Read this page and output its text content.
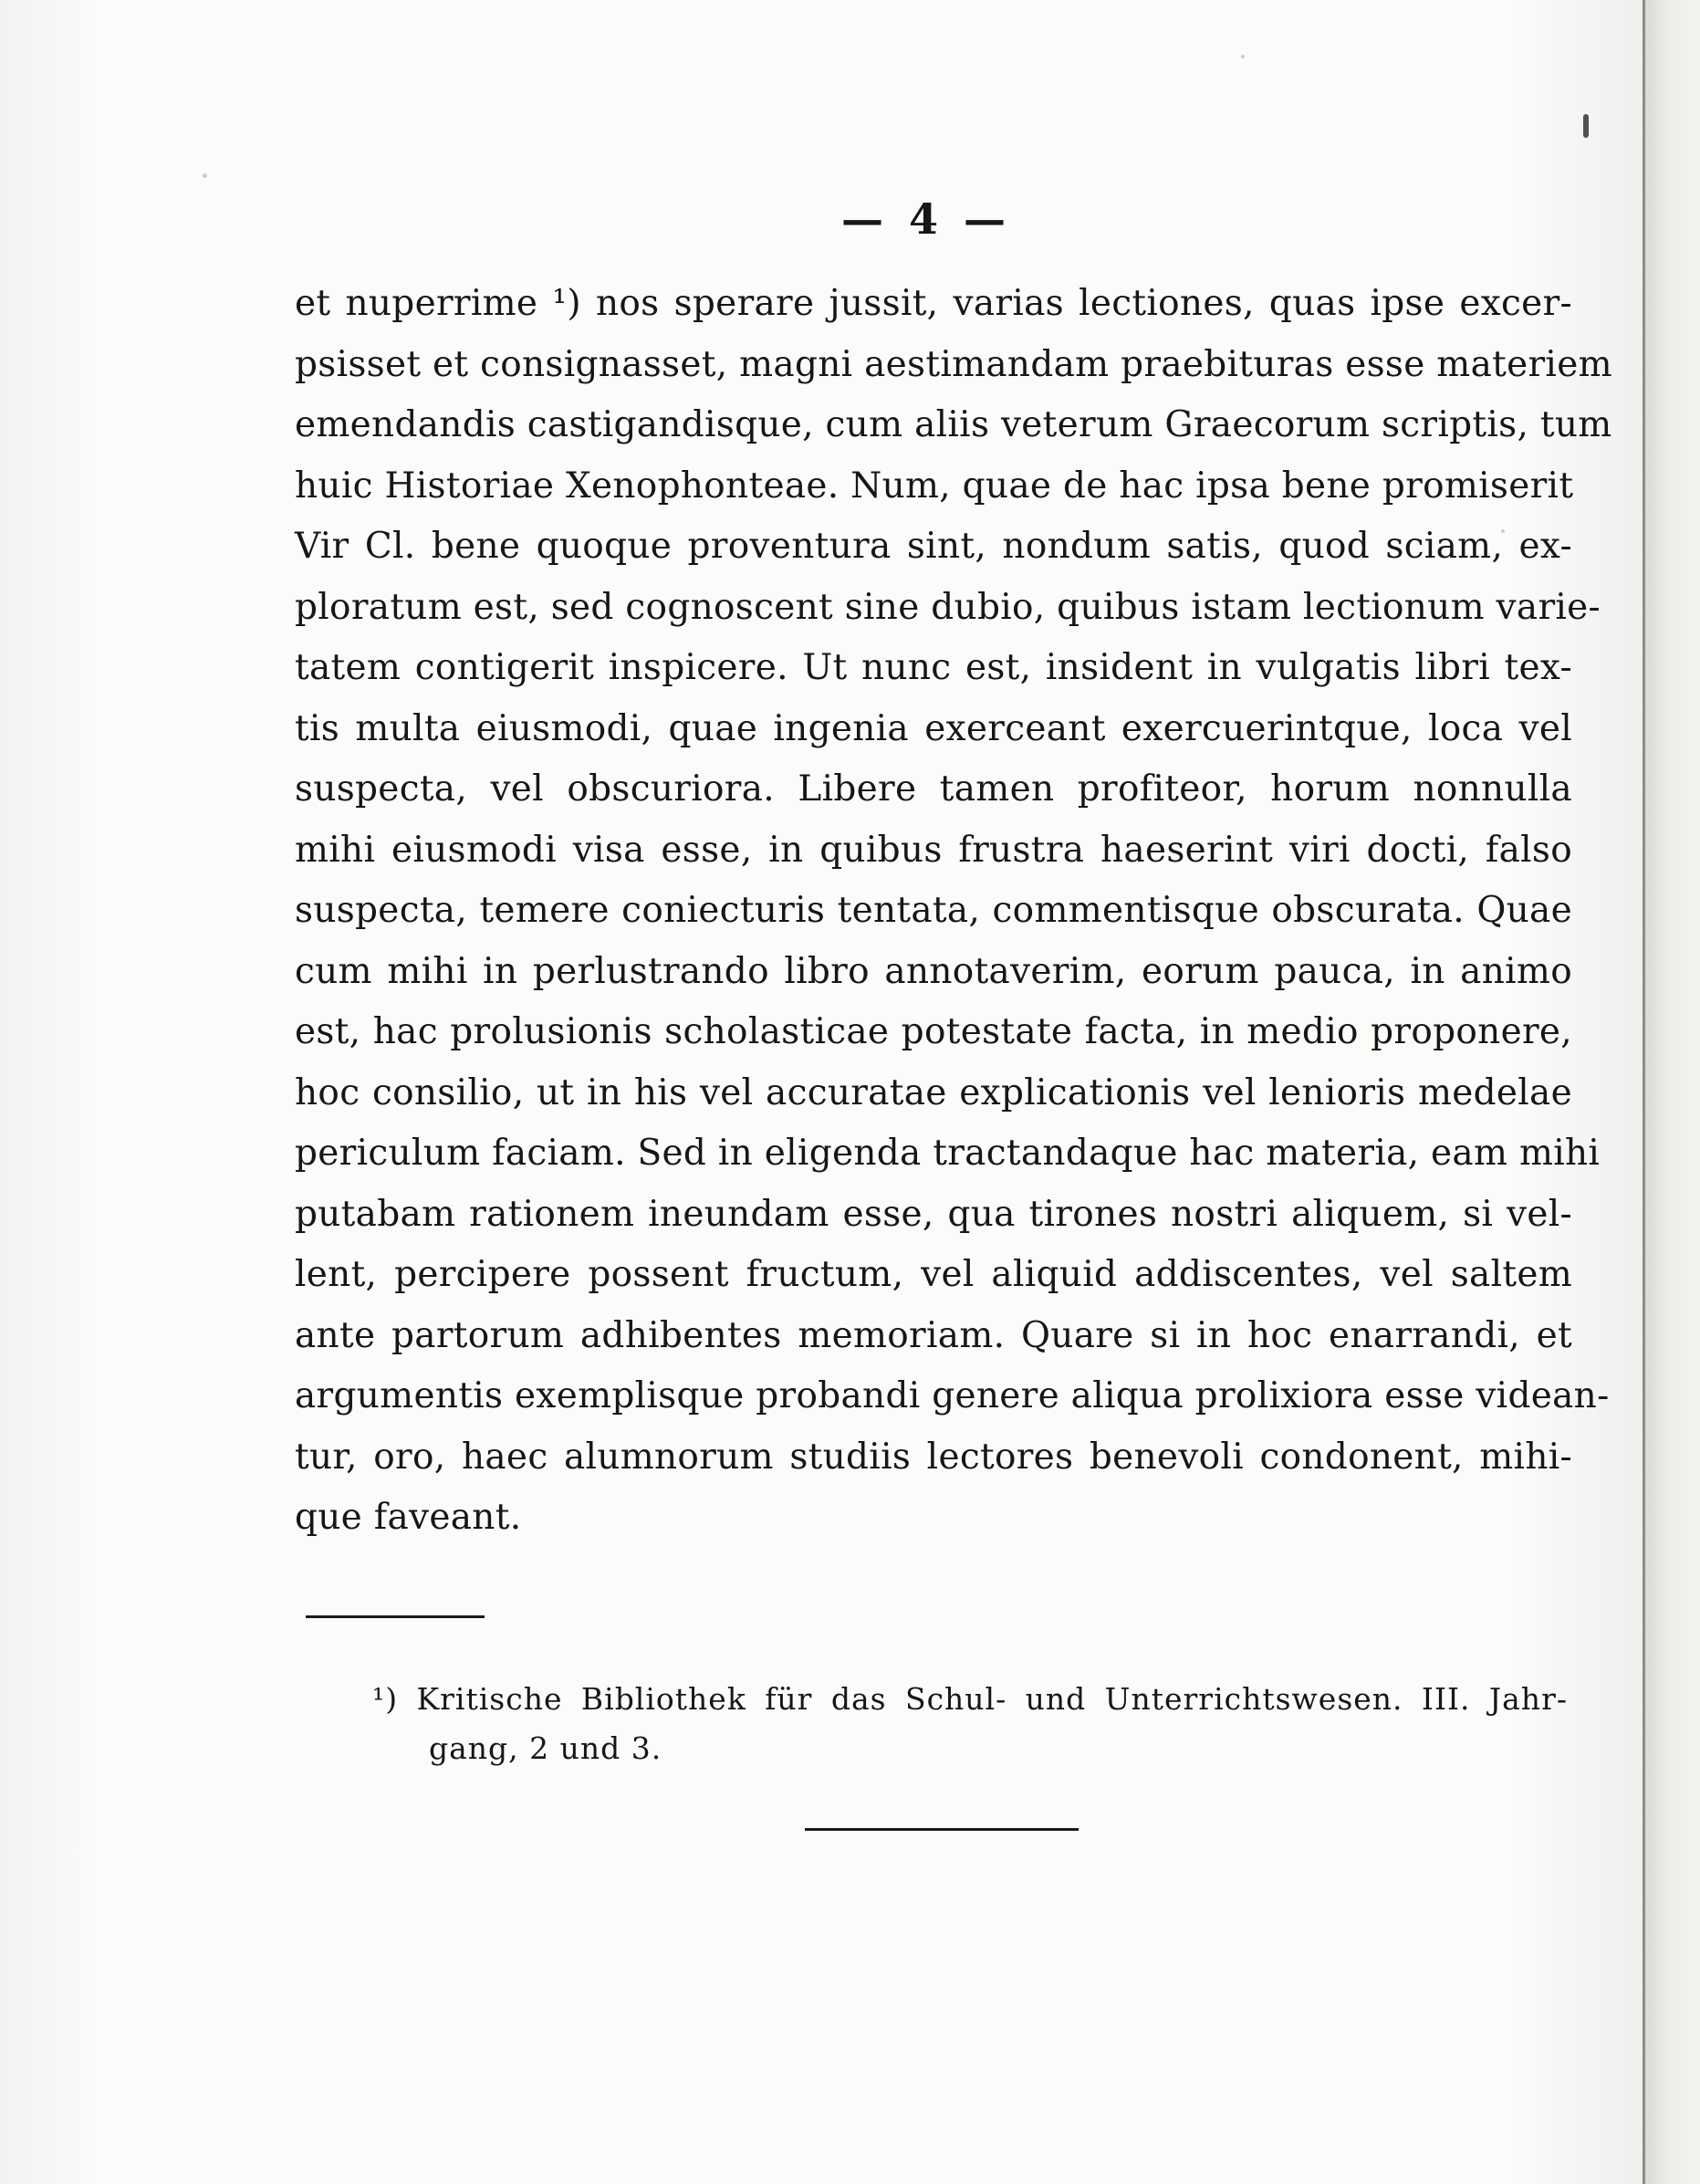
— 4 —
et nuperrime ¹) nos sperare jussit, varias lectiones, quas ipse excer-
psisset et consignasset, magni aestimandam praebituras esse materiem
emendandis castigandisque, cum aliis veterum Graecorum scriptis, tum
huic Historiae Xenophonteae. Num, quae de hac ipsa bene promiserit
Vir Cl. bene quoque proventura sint, nondum satis, quod sciam, ex-
ploratum est, sed cognoscent sine dubio, quibus istam lectionum varie-
tatem contigerit inspicere. Ut nunc est, insident in vulgatis libri tex-
tis multa eiusmodi, quae ingenia exerceant exercuerintque, loca vel
suspecta, vel obscuriora. Libere tamen profiteor, horum nonnulla
mihi eiusmodi visa esse, in quibus frustra haeserint viri docti, falso
suspecta, temere coniecturis tentata, commentisque obscurata. Quae
cum mihi in perlustrando libro annotaverim, eorum pauca, in animo
est, hac prolusionis scholasticae potestate facta, in medio proponere,
hoc consilio, ut in his vel accuratae explicationis vel lenioris medelae
periculum faciam. Sed in eligenda tractandaque hac materia, eam mihi
putabam rationem ineundam esse, qua tirones nostri aliquem, si vel-
lent, percipere possent fructum, vel aliquid addiscentes, vel saltem
ante partorum adhibentes memoriam. Quare si in hoc enarrandi, et
argumentis exemplisque probandi genere aliqua prolixiora esse videan-
tur, oro, haec alumnorum studiis lectores benevoli condonent, mihi-
que faveant.
¹) Kritische Bibliothek für das Schul- und Unterrichtswesen. III. Jahr-
gang, 2 und 3.
